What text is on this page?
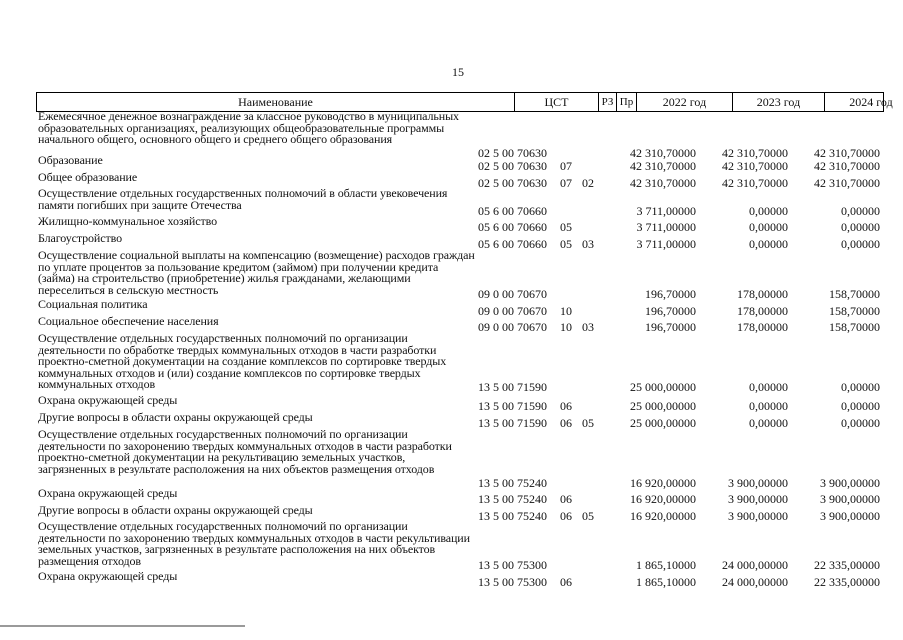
15
Наименование	ЦСТ	РЗ Пр	2022 год	2023 год	2024 год
Ежемесячное денежное вознаграждение за классное руководство в муниципальных образовательных организациях, реализующих общеобразовательные программы начального общего, основного общего и среднего общего образования
02 5 00 70630	42 310,70000	42 310,70000	42 310,70000
Образование	02 5 00 70630 07	42 310,70000	42 310,70000	42 310,70000
Общее образование	02 5 00 70630 07 02	42 310,70000	42 310,70000	42 310,70000
Осуществление отдельных государственных полномочий в области увековечения памяти погибших при защите Отечества	05 6 00 70660	3 711,00000	0,00000	0,00000
Жилищно-коммунальное хозяйство	05 6 00 70660 05	3 711,00000	0,00000	0,00000
Благоустройство	05 6 00 70660 05 03	3 711,00000	0,00000	0,00000
Осуществление социальной выплаты на компенсацию (возмещение) расходов граждан по уплате процентов за пользование кредитом (займом) при получении кредита (займа) на строительство (приобретение) жилья гражданами, желающими переселиться в сельскую местность	09 0 00 70670	196,70000	178,00000	158,70000
Социальная политика	09 0 00 70670 10	196,70000	178,00000	158,70000
Социальное обеспечение населения	09 0 00 70670 10 03	196,70000	178,00000	158,70000
Осуществление отдельных государственных полномочий по организации деятельности по обработке твердых коммунальных отходов в части разработки проектно-сметной документации на создание комплексов по сортировке твердых коммунальных отходов и (или) создание комплексов по сортировке твердых коммунальных отходов	13 5 00 71590	25 000,00000	0,00000	0,00000
Охрана окружающей среды	13 5 00 71590 06	25 000,00000	0,00000	0,00000
Другие вопросы в области охраны окружающей среды	13 5 00 71590 06 05	25 000,00000	0,00000	0,00000
Осуществление отдельных государственных полномочий по организации деятельности по захоронению твердых коммунальных отходов в части разработки проектно-сметной документации на рекультивацию земельных участков, загрязненных в результате расположения на них объектов размещения отходов
13 5 00 75240	16 920,00000	3 900,00000	3 900,00000
Охрана окружающей среды	13 5 00 75240 06	16 920,00000	3 900,00000	3 900,00000
Другие вопросы в области охраны окружающей среды	13 5 00 75240 06 05	16 920,00000	3 900,00000	3 900,00000
Осуществление отдельных государственных полномочий по организации деятельности по захоронению твердых коммунальных отходов в части рекультивации земельных участков, загрязненных в результате расположения на них объектов размещения отходов	13 5 00 75300	1 865,10000	24 000,00000	22 335,00000
Охрана окружающей среды	13 5 00 75300 06	1 865,10000	24 000,00000	22 335,00000
